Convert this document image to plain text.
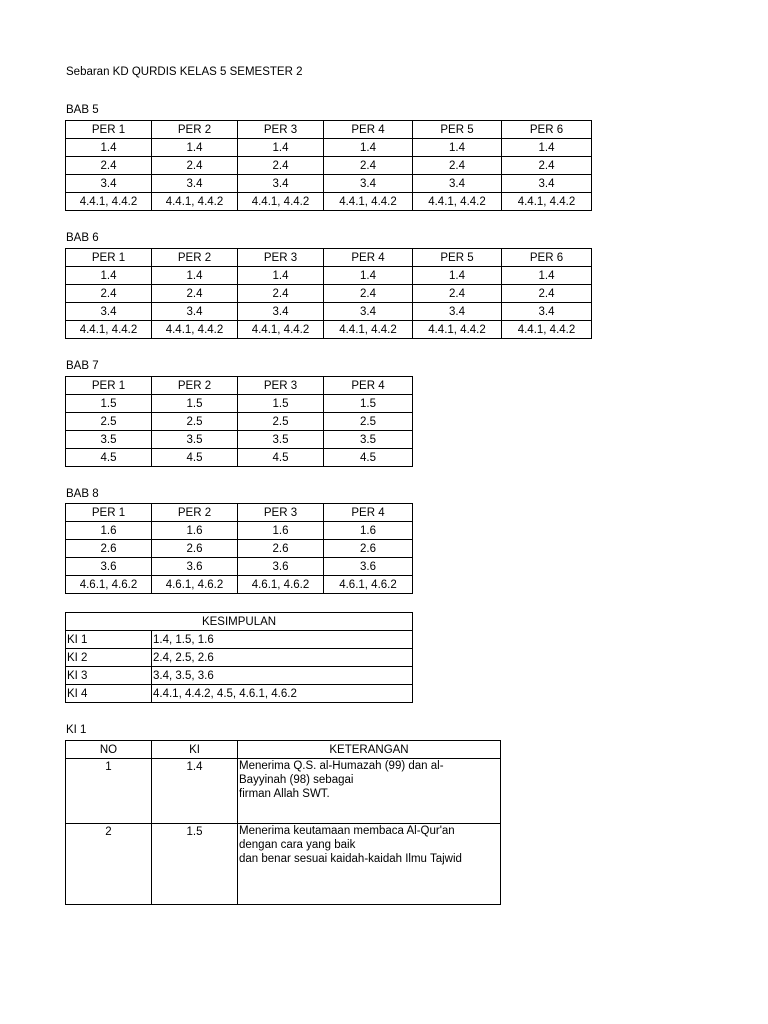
Sebaran KD QURDIS KELAS 5 SEMESTER 2
BAB 5
PER 1	PER 2	PER 3	PER 4	PER 5	PER 6
1.4	1.4	1.4	1.4	1.4	1.4
2.4	2.4	2.4	2.4	2.4	2.4
3.4	3.4	3.4	3.4	3.4	3.4
4.4.1, 4.4.2	4.4.1, 4.4.2	4.4.1, 4.4.2	4.4.1, 4.4.2	4.4.1, 4.4.2	4.4.1, 4.4.2
BAB 6
PER 1	PER 2	PER 3	PER 4	PER 5	PER 6
1.4	1.4	1.4	1.4	1.4	1.4
2.4	2.4	2.4	2.4	2.4	2.4
3.4	3.4	3.4	3.4	3.4	3.4
4.4.1, 4.4.2	4.4.1, 4.4.2	4.4.1, 4.4.2	4.4.1, 4.4.2	4.4.1, 4.4.2	4.4.1, 4.4.2
BAB 7
PER 1	PER 2	PER 3	PER 4
1.5	1.5	1.5	1.5
2.5	2.5	2.5	2.5
3.5	3.5	3.5	3.5
4.5	4.5	4.5	4.5
BAB 8
PER 1	PER 2	PER 3	PER 4
1.6	1.6	1.6	1.6
2.6	2.6	2.6	2.6
3.6	3.6	3.6	3.6
4.6.1, 4.6.2	4.6.1, 4.6.2	4.6.1, 4.6.2	4.6.1, 4.6.2
KESIMPULAN	
KI 1	1.4, 1.5, 1.6
KI 2	2.4, 2.5, 2.6
KI 3	3.4, 3.5, 3.6
KI 4	4.4.1, 4.4.2, 4.5, 4.6.1, 4.6.2
KI 1
NO	KI	KETERANGAN
1	1.4	Menerima Q.S. al-Humazah (99) dan al-
Bayyinah (98) sebagai
firman Allah SWT.

2	1.5	Menerima keutamaan membaca Al-Qur'an
dengan cara yang baik
dan benar sesuai kaidah-kaidah Ilmu Tajwid
